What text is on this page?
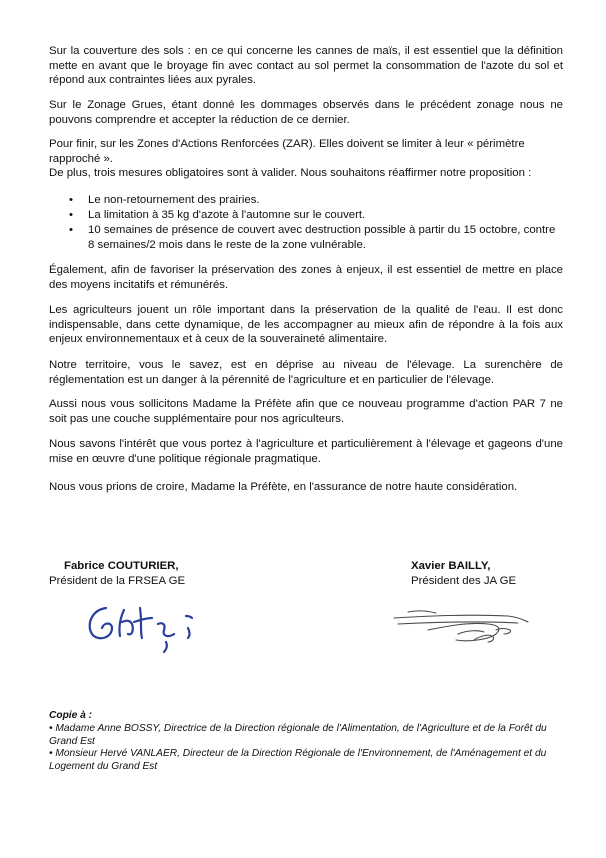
Sur la couverture des sols : en ce qui concerne les cannes de maïs, il est essentiel que la définition mette en avant que le broyage fin avec contact au sol permet la consommation de l'azote du sol et répond aux contraintes liées aux pyrales.

Sur le Zonage Grues, étant donné les dommages observés dans le précédent zonage nous ne pouvons comprendre et accepter la réduction de ce dernier.

Pour finir, sur les Zones d'Actions Renforcées (ZAR). Elles doivent se limiter à leur « périmètre rapproché ».

De plus, trois mesures obligatoires sont à valider. Nous souhaitons réaffirmer notre proposition :

• Le non-retournement des prairies.
• La limitation à 35 kg d'azote à l'automne sur le couvert.
• 10 semaines de présence de couvert avec destruction possible à partir du 15 octobre, contre 8 semaines/2 mois dans le reste de la zone vulnérable.

Également, afin de favoriser la préservation des zones à enjeux, il est essentiel de mettre en place des moyens incitatifs et rémunérés.

Les agriculteurs jouent un rôle important dans la préservation de la qualité de l'eau. Il est donc indispensable, dans cette dynamique, de les accompagner au mieux afin de répondre à la fois aux enjeux environnementaux et à ceux de la souveraineté alimentaire.

Notre territoire, vous le savez, est en déprise au niveau de l'élevage. La surenchère de réglementation est un danger à la pérennité de l'agriculture et en particulier de l'élevage.

Aussi nous vous sollicitons Madame la Préfète afin que ce nouveau programme d'action PAR 7 ne soit pas une couche supplémentaire pour nos agriculteurs.

Nous savons l'intérêt que vous portez à l'agriculture et particulièrement à l'élevage et gageons d'une mise en œuvre d'une politique régionale pragmatique.

Nous vous prions de croire, Madame la Préfète, en l'assurance de notre haute considération.

Fabrice COUTURIER,
Président de la FRSEA GE
Xavier BAILLY,
Président des JA GE
Copie à :
• Madame Anne BOSSY, Directrice de la Direction régionale de l'Alimentation, de l'Agriculture et de la Forêt du Grand Est
• Monsieur Hervé VANLAER, Directeur de la Direction Régionale de l'Environnement, de l'Aménagement et du Logement du Grand Est
